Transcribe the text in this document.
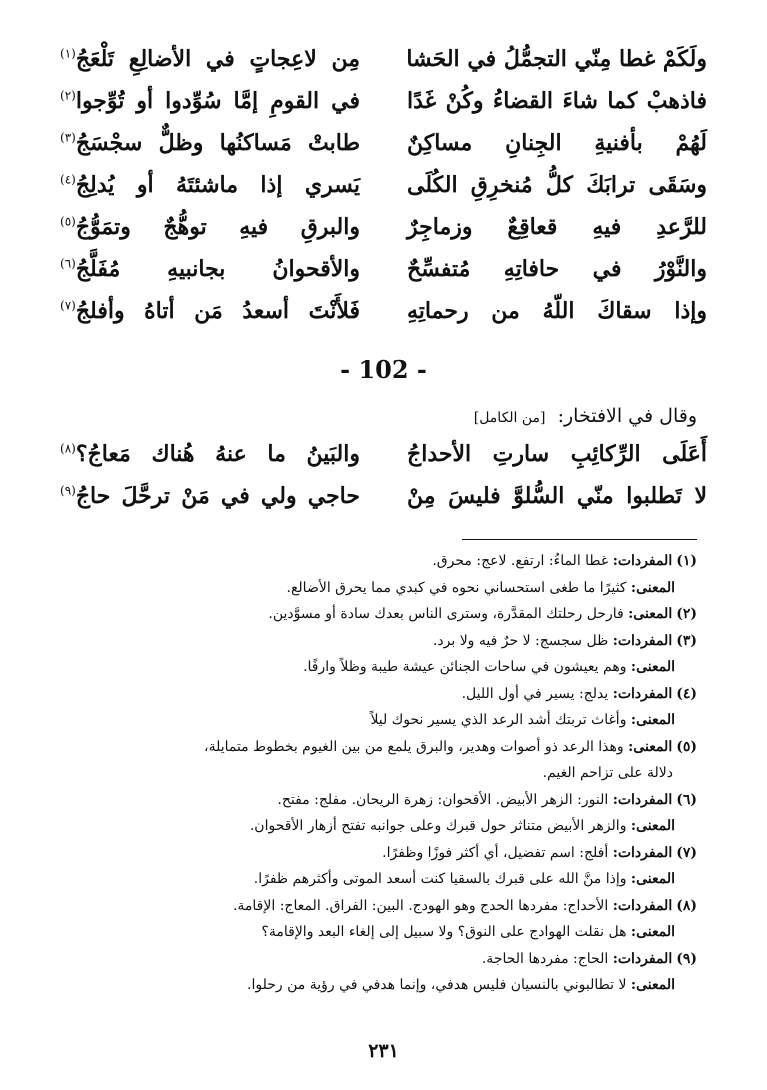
ولَكَمْ غطا مِنّي التجمُّلُ في الحَشا
مِن لاعِجاتٍ في الأضالِعِ تَلْعَجُ$^{(١)}$
فاذهبْ كما شاءَ القضاءُ وكُنْ غَدًا
في القومِ إمَّا سُوِّدوا أو تُوِّجوا$^{(٢)}$
لَهُمْ بأفنيةِ الجِنانِ مساكِنٌ
طابتْ مَساكنُها وظلٌّ سجْسَجُ$^{(٣)}$
وسَقَى ترابَكَ كلُّ مُنخرِقِ الكُلَى
يَسري إذا ماشئتَهُ أو يُدلِجُ$^{(٤)}$
للرَّعدِ فيهِ قعاقِعٌ وزماجِرٌ
والبرقِ فيهِ توهُّجٌ وتمَوُّجُ$^{(٥)}$
والنَّوْرُ في حافاتِهِ مُتفسِّحٌ
والأقحوانُ بجانبيهِ مُفَلَّجُ$^{(٦)}$
وإذا سقاكَ اللّهُ من رحماتِهِ
فَلأَنْتَ أسعدُ مَن أتاهُ وأفلجُ$^{(٧)}$
- 102 -
وقال في الافتخار: [من الكامل]
أَعَلَى الرِّكائِبِ سارتِ الأحداجُ
والبَينُ ما عنهُ هُناك مَعاجُ؟$^{(٨)}$
لا تَطلبوا منّي السُّلوَّ فليسَ مِنْ
حاجي ولي في مَنْ ترحَّلَ حاجُ$^{(٩)}$
(١)المفردات: غطا الماءُ: ارتفع. لاعج: محرق.
المعنى: كثيرًا ما طغى استحساني نحوه في كبدي مما يحرق الأضالع.
(٢)المعنى: فارحل رحلتك المقدَّرة، وسترى الناس بعدك سادة أو مسوَّدين.
(٣)المفردات: ظل سجسج: لا حرٌ فيه ولا برد.
المعنى: وهم يعيشون في ساحات الجنائن عيشة طيبة وظلاً وارفًا.
(٤)المفردات: يدلج: يسير في أول الليل.
المعنى: وأغاث تربتك أشد الرعد الذي يسير نحوك ليلاً
(٥)المعنى: وهذا الرعد ذو أصوات وهدير، والبرق يلمع من بين الغيوم بخطوط متمايلة،
دلالة على تزاحم الغيم.
(٦)المفردات: النور: الزهر الأبيض. الأقحوان: زهرة الريحان. مفلج: مفتح.
المعنى: والزهر الأبيض متناثر حول قبرك وعلى جوانبه تفتح أزهار الأقحوان.
(٧)المفردات: أفلج: اسم تفضيل، أي أكثر فوزًا وظفرًا.
المعنى: وإذا منَّ الله على قبرك بالسقيا كنت أسعد الموتى وأكثرهم ظفرًا.
(٨)المفردات: الأحداج: مفردها الحدج وهو الهودج. البين: الفراق. المعاج: الإقامة.
المعنى: هل نقلت الهوادج على النوق؟ ولا سبيل إلى إلغاء البعد والإقامة؟
(٩)المفردات: الحاج: مفردها الحاجة.
المعنى: لا تطالبوني بالنسيان فليس هدفي، وإنما هدفي في رؤية من رحلوا.
٢٣١
